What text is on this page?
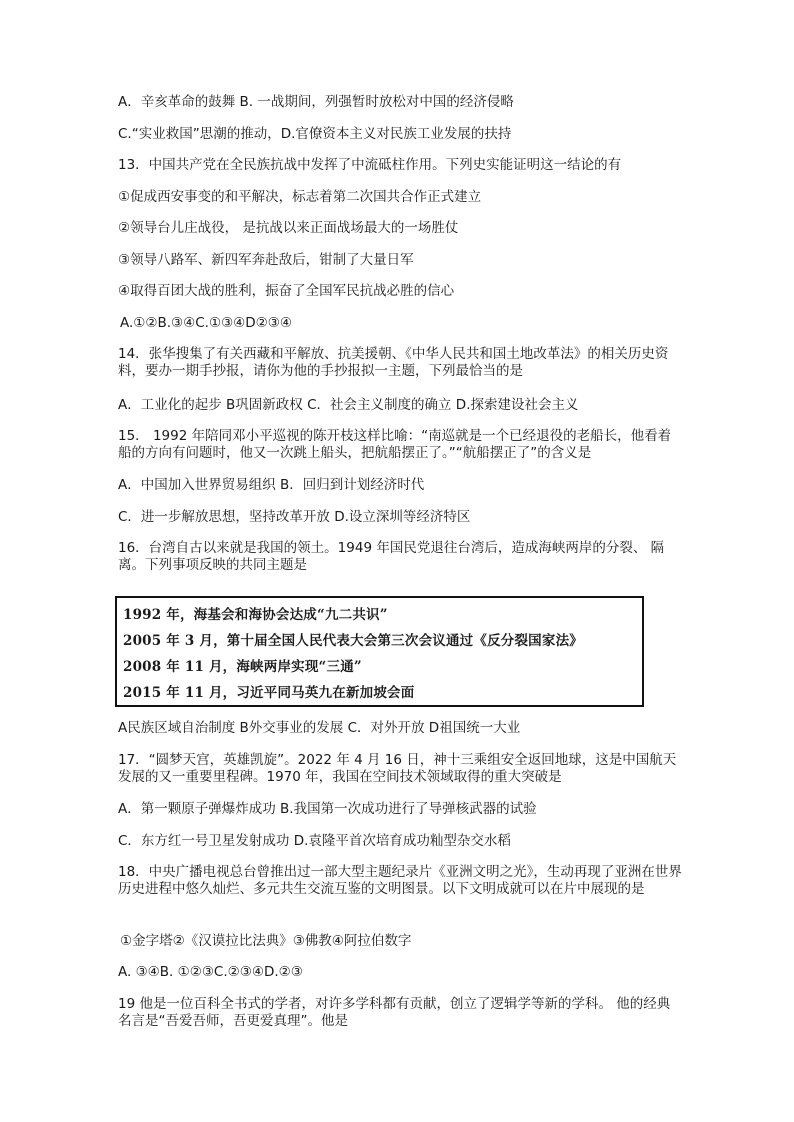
A．辛亥革命的鼓舞 B. 一战期间，列强暂时放松对中国的经济侵略
C.“实业救国”思潮的推动，D.官僚资本主义对民族工业发展的扶持
13．中国共产党在全民族抗战中发挥了中流砥柱作用。下列史实能证明这一结论的有
①促成西安事变的和平解决，标志着第二次国共合作正式建立
②领导台儿庄战役， 是抗战以来正面战场最大的一场胜仗
③领导八路军、新四军奔赴敌后，钳制了大量日军
④取得百团大战的胜利，振奋了全国军民抗战必胜的信心
A.①②B.③④C.①③④D②③④
14．张华搜集了有关西藏和平解放、抗美援朝、《中华人民共和国土地改革法》的相关历史资料，要办一期手抄报，请你为他的手抄报拟一主题，下列最恰当的是
A．工业化的起步 B巩固新政权 C．社会主义制度的确立 D.探索建设社会主义
15． 1992 年陪同邓小平巡视的陈开枝这样比喻：“南巡就是一个已经退役的老船长，他看着船的方向有问题时，他又一次跳上船头，把航船摆正了。”“航船摆正了”的含义是
A．中国加入世界贸易组织 B．回归到计划经济时代
C．进一步解放思想，坚持改革开放 D.设立深圳等经济特区
16．台湾自古以来就是我国的领土。1949 年国民党退往台湾后，造成海峡两岸的分裂、 隔离。下列事项反映的共同主题是
1992 年，海基会和海协会达成“九二共识”
2005 年 3 月，第十届全国人民代表大会第三次会议通过《反分裂国家法》
2008 年 11 月，海峡两岸实现“三通”
2015 年 11 月，习近平同马英九在新加坡会面
A民族区域自治制度 B外交事业的发展 C．对外开放 D祖国统一大业
17．“圆梦天宫，英雄凯旋”。2022 年 4 月 16 日，神十三乘组安全返回地球，这是中国航天发展的又一重要里程碑。1970 年，我国在空间技术领域取得的重大突破是
A．第一颗原子弹爆炸成功 B.我国第一次成功进行了导弹核武器的试验
C．东方红一号卫星发射成功 D.袁隆平首次培育成功籼型杂交水稻
18．中央广播电视总台曾推出过一部大型主题纪录片《亚洲文明之光》，生动再现了亚洲在世界历史进程中悠久灿烂、多元共生交流互鉴的文明图景。以下文明成就可以在片中展现的是
①金字塔②《汉谟拉比法典》③佛教④阿拉伯数字
A. ③④B. ①②③C.②③④D.②③
19 他是一位百科全书式的学者，对许多学科都有贡献，创立了逻辑学等新的学科。 他的经典名言是“吾爱吾师，吾更爱真理”。他是
